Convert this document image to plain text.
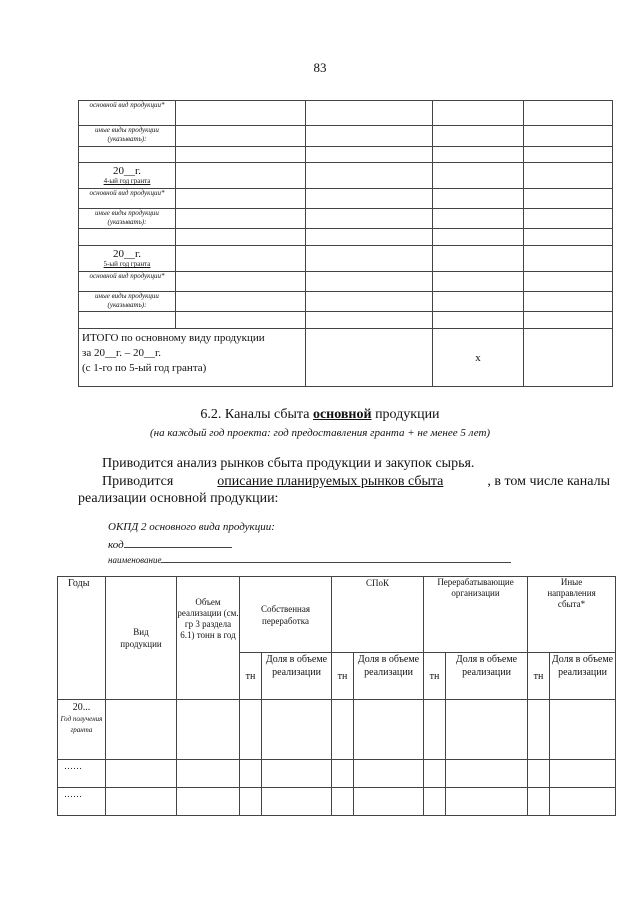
83
основной вид продукции*				
иные виды продукции (указывать):				

20__г.
4-ый год гранта				

основной вид продукции*				
иные виды продукции (указывать):				

20__г.
5-ый год гранта				

основной вид продукции*				
иные виды продукции (указывать):				

ИТОГО по основному виду продукции
за 20__г. – 20__г.
(с 1-го по 5-ый год гранта)			х	
6.2. Каналы сбыта основной продукции
(на каждый год проекта: год предоставления гранта + не менее 5 лет)
Приводится анализ рынков сбыта продукции и закупок сырья.
Приводится	описание планируемых рынков сбыта	, в том числе каналы
реализации основной продукции:
ОКПД 2 основного вида продукции:
код
наименование
Годы	Вид продукции	Объем реализации (см. гр 3 раздела 6.1) тонн в год	Собственная переработка		СПоК		Перерабатывающие организации		Иные направления сбыта*	
			тн	Доля в объеме реализации	тн	Доля в объеме реализации	тн	Доля в объеме реализации	тн	Доля в объеме реализации

20...
Год получения гранта										

……										
……										
